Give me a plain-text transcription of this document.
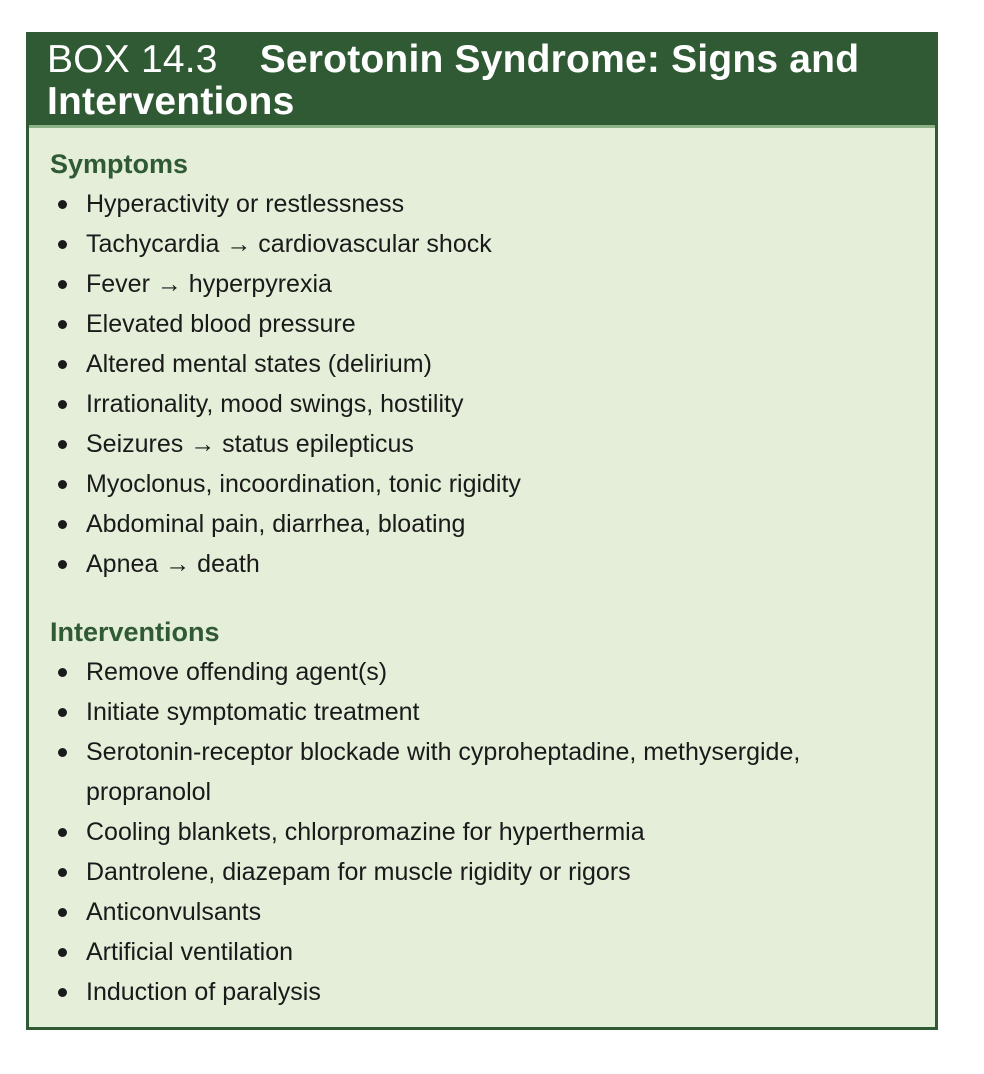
BOX 14.3 Serotonin Syndrome: Signs and Interventions
Symptoms
Hyperactivity or restlessness
Tachycardia → cardiovascular shock
Fever → hyperpyrexia
Elevated blood pressure
Altered mental states (delirium)
Irrationality, mood swings, hostility
Seizures → status epilepticus
Myoclonus, incoordination, tonic rigidity
Abdominal pain, diarrhea, bloating
Apnea → death
Interventions
Remove offending agent(s)
Initiate symptomatic treatment
Serotonin-receptor blockade with cyproheptadine, methysergide, propranolol
Cooling blankets, chlorpromazine for hyperthermia
Dantrolene, diazepam for muscle rigidity or rigors
Anticonvulsants
Artificial ventilation
Induction of paralysis
